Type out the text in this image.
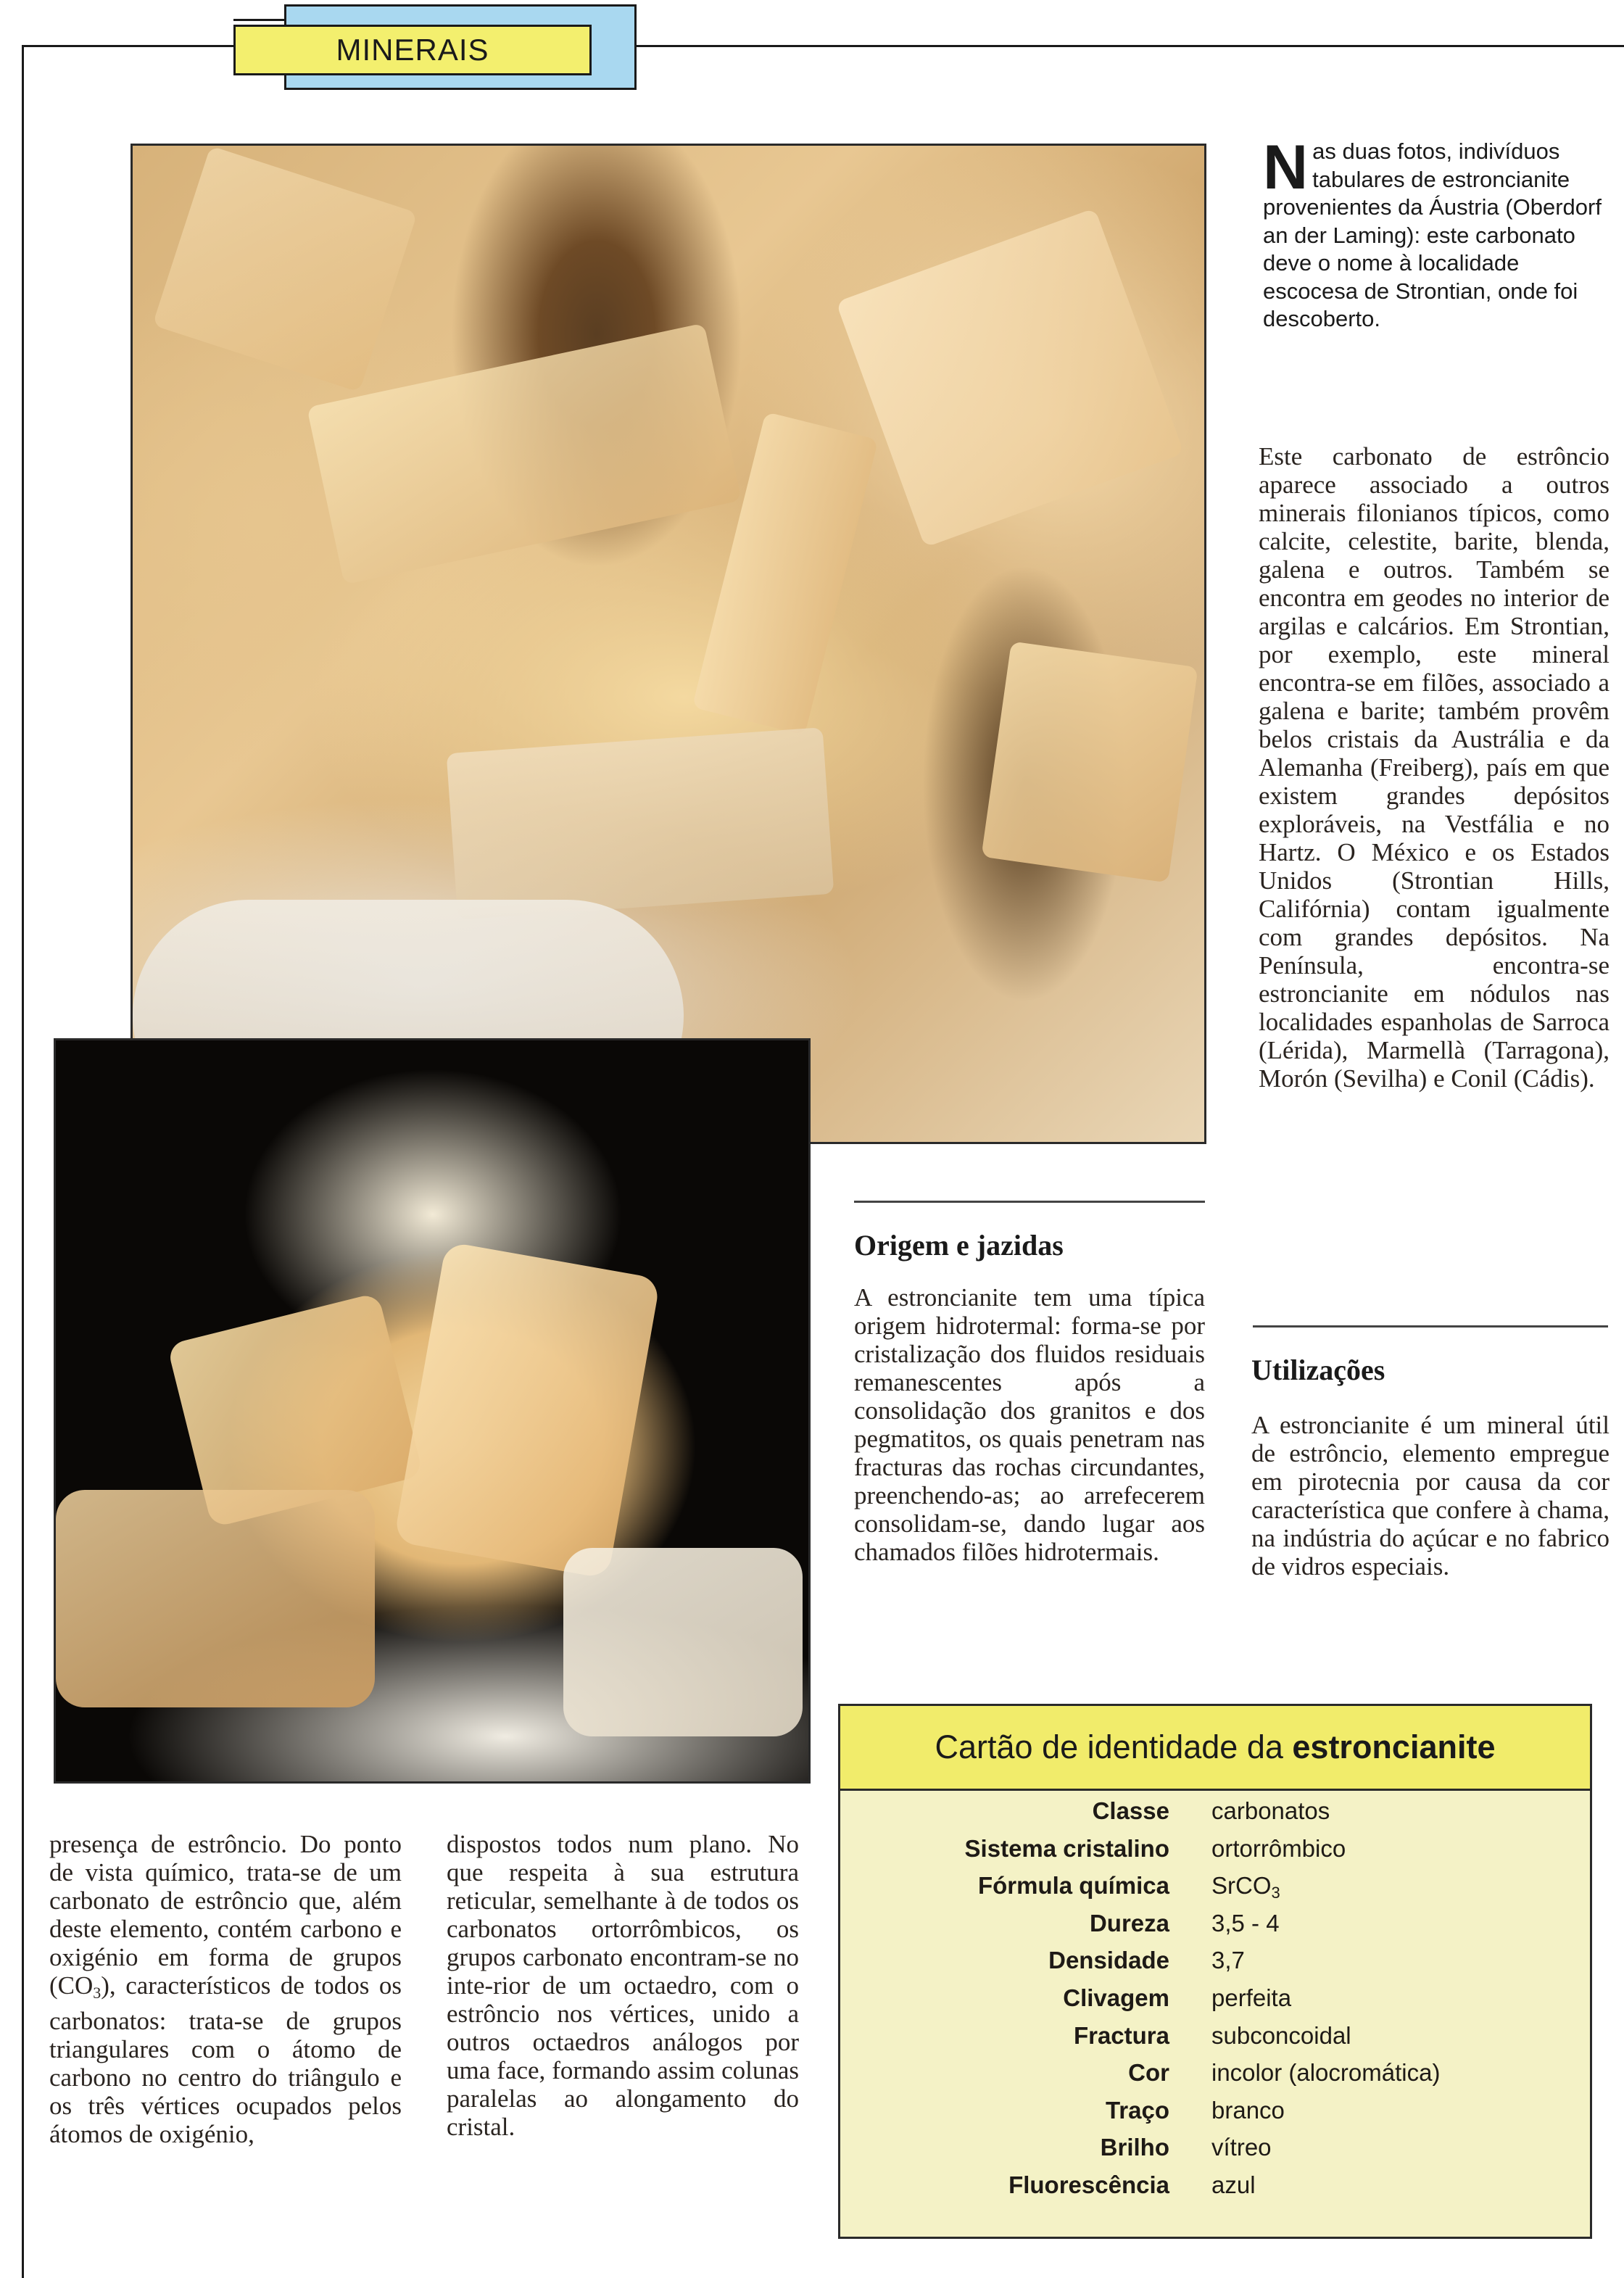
MINERAIS
N as duas fotos, indivíduos tabulares de estroncianite provenientes da Áustria (Oberdorf an der Laming): este carbonato deve o nome à localidade escocesa de Strontian, onde foi descoberto.
Este carbonato de estrôncio aparece associado a outros minerais filonianos típicos, como calcite, celestite, barite, blenda, galena e outros. Também se encontra em geodes no interior de argilas e calcários. Em Strontian, por exemplo, este mineral encontra-se em filões, associado a galena e barite; também provêm belos cristais da Austrália e da Alemanha (Freiberg), país em que existem grandes depósitos exploráveis, na Vestfália e no Hartz. O México e os Estados Unidos (Strontian Hills, Califórnia) contam igualmente com grandes depósitos. Na Península, encontra-se estroncianite em nódulos nas localidades espanholas de Sarroca (Lérida), Marmellà (Tarragona), Morón (Sevilha) e Conil (Cádis).
Origem e jazidas
A estroncianite tem uma típica origem hidrotermal: forma-se por cristalização dos fluidos residuais remanescentes após a consolidação dos granitos e dos pegmatitos, os quais penetram nas fracturas das rochas circundantes, preenchendo-as; ao arrefecerem consolidam-se, dando lugar aos chamados filões hidrotermais.
Utilizações
A estroncianite é um mineral útil de estrôncio, elemento empregue em pirotecnia por causa da cor característica que confere à chama, na indústria do açúcar e no fabrico de vidros especiais.
presença de estrôncio. Do ponto de vista químico, trata-se de um carbonato de estrôncio que, além deste elemento, contém carbono e oxigénio em forma de grupos $(CO_3)$, característicos de todos os carbonatos: trata-se de grupos triangulares com o átomo de carbono no centro do triângulo e os três vértices ocupados pelos átomos de oxigénio,
dispostos todos num plano. No que respeita à sua estrutura reticular, semelhante à de todos os carbonatos ortorrômbicos, os grupos carbonato encontram-se no inte-rior de um octaedro, com o estrôncio nos vértices, unido a outros octaedros análogos por uma face, formando assim colunas paralelas ao alongamento do cristal.
Cartão de identidade da estroncianite
Classe carbonatos
Sistema cristalino ortorrômbico
Fórmula química SrCO$_3$
Dureza 3,5 - 4
Densidade 3,7
Clivagem perfeita
Fractura subconcoidal
Cor incolor (alocromática)
Traço branco
Brilho vítreo
Fluorescência azul
